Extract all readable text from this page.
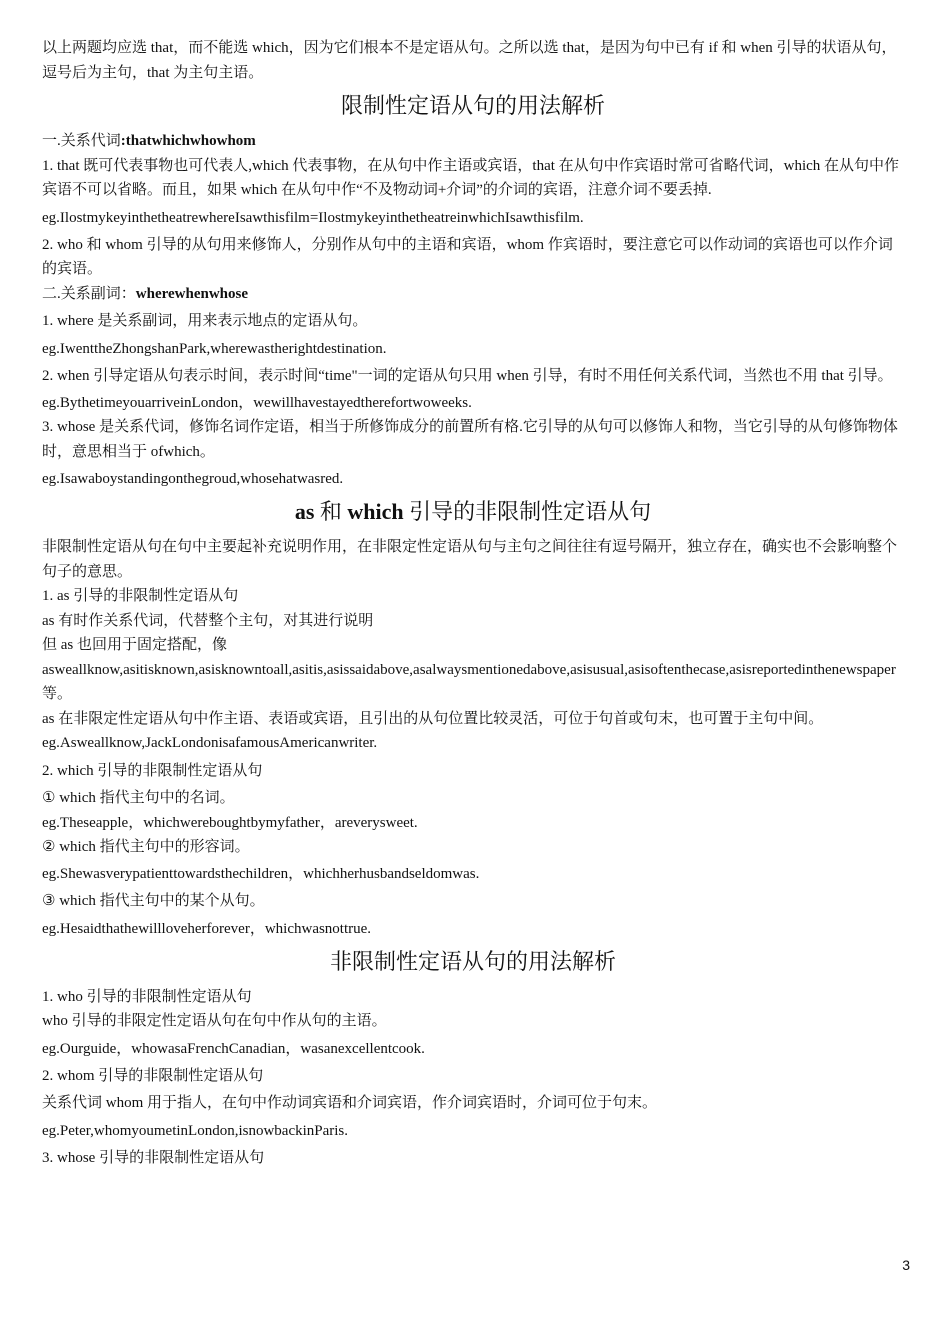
以上两题均应选 that，而不能选 which，因为它们根本不是定语从句。之所以选 that，是因为句中已有 if 和 when 引导的状语从句，逗号后为主句，that 为主句主语。

限制性定语从句的用法解析

一.关系代词:thatwhichwhowhom

1. that 既可代表事物也可代表人,which 代表事物，在从句中作主语或宾语，that 在从句中作宾语时常可省略代词，which 在从句中作宾语不可以省略。而且，如果 which 在从句中作“不及物动词+介词”的介词的宾语，注意介词不要丢掉.

eg.IlostmykeyinthetheatrewhereIsawthisfilm=IlostmykeyinthetheatreinwhichIsawthisfilm.

2. who 和 whom 引导的从句用来修饰人，分别作从句中的主语和宾语，whom 作宾语时，要注意它可以作动词的宾语也可以作介词的宾语。

二.关系副词：wherewhenwhose

1. where 是关系副词，用来表示地点的定语从句。

eg.IwenttheZhongshanPark,wherewastherightdestination.

2. when 引导定语从句表示时间，表示时间“time"一词的定语从句只用 when 引导，有时不用任何关系代词，当然也不用 that 引导。

eg.BythetimeyouarriveinLondon，wewillhavestayedtherefortwoweeks.

3. whose 是关系代词，修饰名词作定语，相当于所修饰成分的前置所有格.它引导的从句可以修饰人和物，当它引导的从句修饰物体时，意思相当于 ofwhich。

eg.Isawaboystandingonthegroud,whosehatwasred.

as 和 which 引导的非限制性定语从句

非限制性定语从句在句中主要起补充说明作用，在非限定性定语从句与主句之间往往有逗号隔开，独立存在，确实也不会影响整个句子的意思。

1. as 引导的非限制性定语从句

as 有时作关系代词，代替整个主句，对其进行说明

但 as 也回用于固定搭配，像

asweallknow,asitisknown,asisknowntoall,asitis,asissaidabove,asalwaysmentionedabove,asisusual,asisoftenthecase,asisreportedinthenewspaper 等。

as 在非限定性定语从句中作主语、表语或宾语，且引出的从句位置比较灵活，可位于句首或句末，也可置于主句中间。eg.Asweallknow,JackLondonisafamousAmericanwriter.

2. which 引导的非限制性定语从句

① which 指代主句中的名词。

eg.Theseapple，whichwereboughtbymyfather，areverysweet.

② which 指代主句中的形容词。

eg.Shewasverypatienttowardsthechildren，whichherhusbandseldomwas.

③ which 指代主句中的某个从句。

eg.Hesaidthathewillloveherforever，whichwasnottrue.

非限制性定语从句的用法解析

1. who 引导的非限制性定语从句

who 引导的非限定性定语从句在句中作从句的主语。

eg.Ourguide，whowasaFrenchCanadian，wasanexcellentcook.

2. whom 引导的非限制性定语从句

关系代词 whom 用于指人，在句中作动词宾语和介词宾语，作介词宾语时，介词可位于句末。

eg.Peter,whomyoumetinLondon,isnowbackinParis.

3. whose 引导的非限制性定语从句

3
